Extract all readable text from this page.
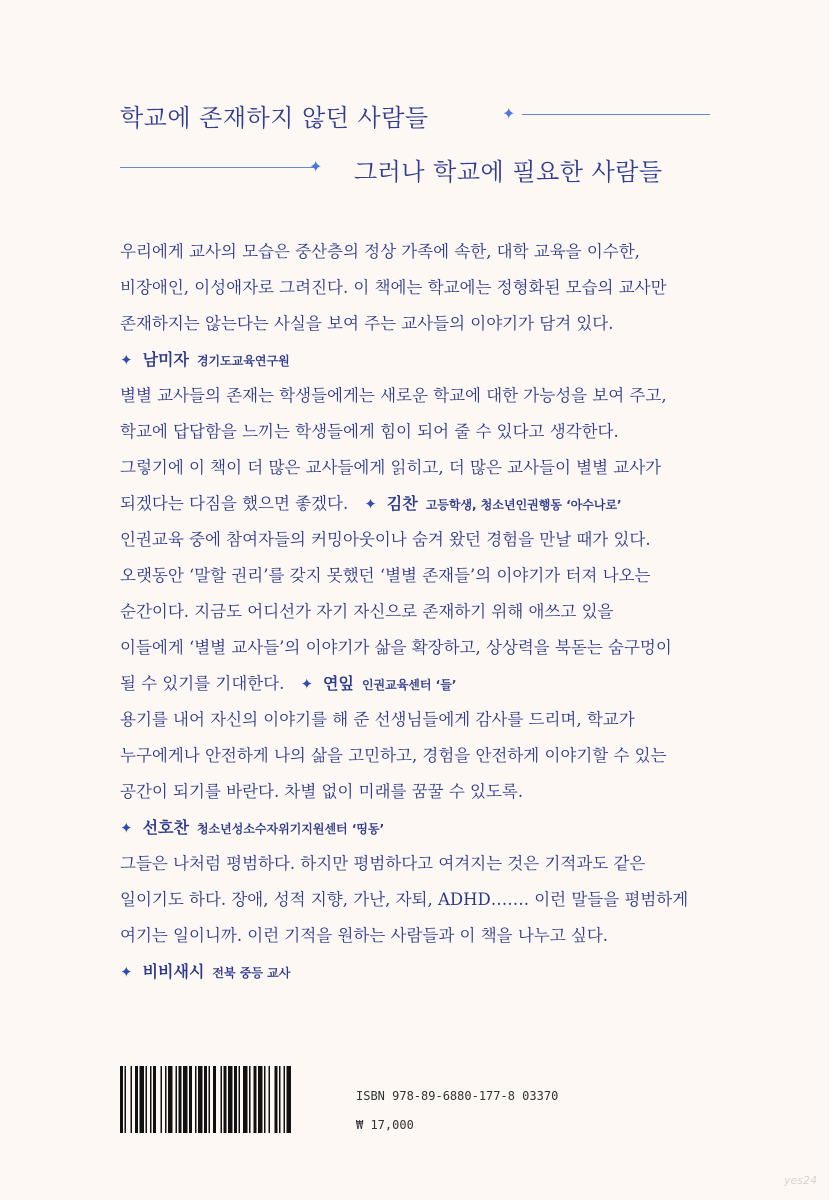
학교에 존재하지 않던 사람들	✦
✦ 그러나 학교에 필요한 사람들
우리에게 교사의 모습은 중산층의 정상 가족에 속한, 대학 교육을 이수한,
비장애인, 이성애자로 그려진다. 이 책에는 학교에는 정형화된 모습의 교사만
존재하지는 않는다는 사실을 보여 주는 교사들의 이야기가 담겨 있다.
✦ 남미자 경기도교육연구원
별별 교사들의 존재는 학생들에게는 새로운 학교에 대한 가능성을 보여 주고,
학교에 답답함을 느끼는 학생들에게 힘이 되어 줄 수 있다고 생각한다.
그렇기에 이 책이 더 많은 교사들에게 읽히고, 더 많은 교사들이 별별 교사가
되겠다는 다짐을 했으면 좋겠다. ✦ 김찬 고등학생, 청소년인권행동 ‘아수나로’
인권교육 중에 참여자들의 커밍아웃이나 숨겨 왔던 경험을 만날 때가 있다.
오랫동안 ‘말할 권리’를 갖지 못했던 ‘별별 존재들’의 이야기가 터져 나오는
순간이다. 지금도 어디선가 자기 자신으로 존재하기 위해 애쓰고 있을
이들에게 ‘별별 교사들’의 이야기가 삶을 확장하고, 상상력을 북돋는 숨구멍이
될 수 있기를 기대한다. ✦ 연잎 인권교육센터 ‘들’
용기를 내어 자신의 이야기를 해 준 선생님들에게 감사를 드리며, 학교가
누구에게나 안전하게 나의 삶을 고민하고, 경험을 안전하게 이야기할 수 있는
공간이 되기를 바란다. 차별 없이 미래를 꿈꿀 수 있도록.
✦ 선호찬 청소년성소수자위기지원센터 ‘띵동’
그들은 나처럼 평범하다. 하지만 평범하다고 여겨지는 것은 기적과도 같은
일이기도 하다. 장애, 성적 지향, 가난, 자퇴, ADHD……. 이런 말들을 평범하게
여기는 일이니까. 이런 기적을 원하는 사람들과 이 책을 나누고 싶다.
✦ 비비새시 전북 중등 교사
ISBN 978-89-6880-177-8 03370
₩ 17,000
yes24
